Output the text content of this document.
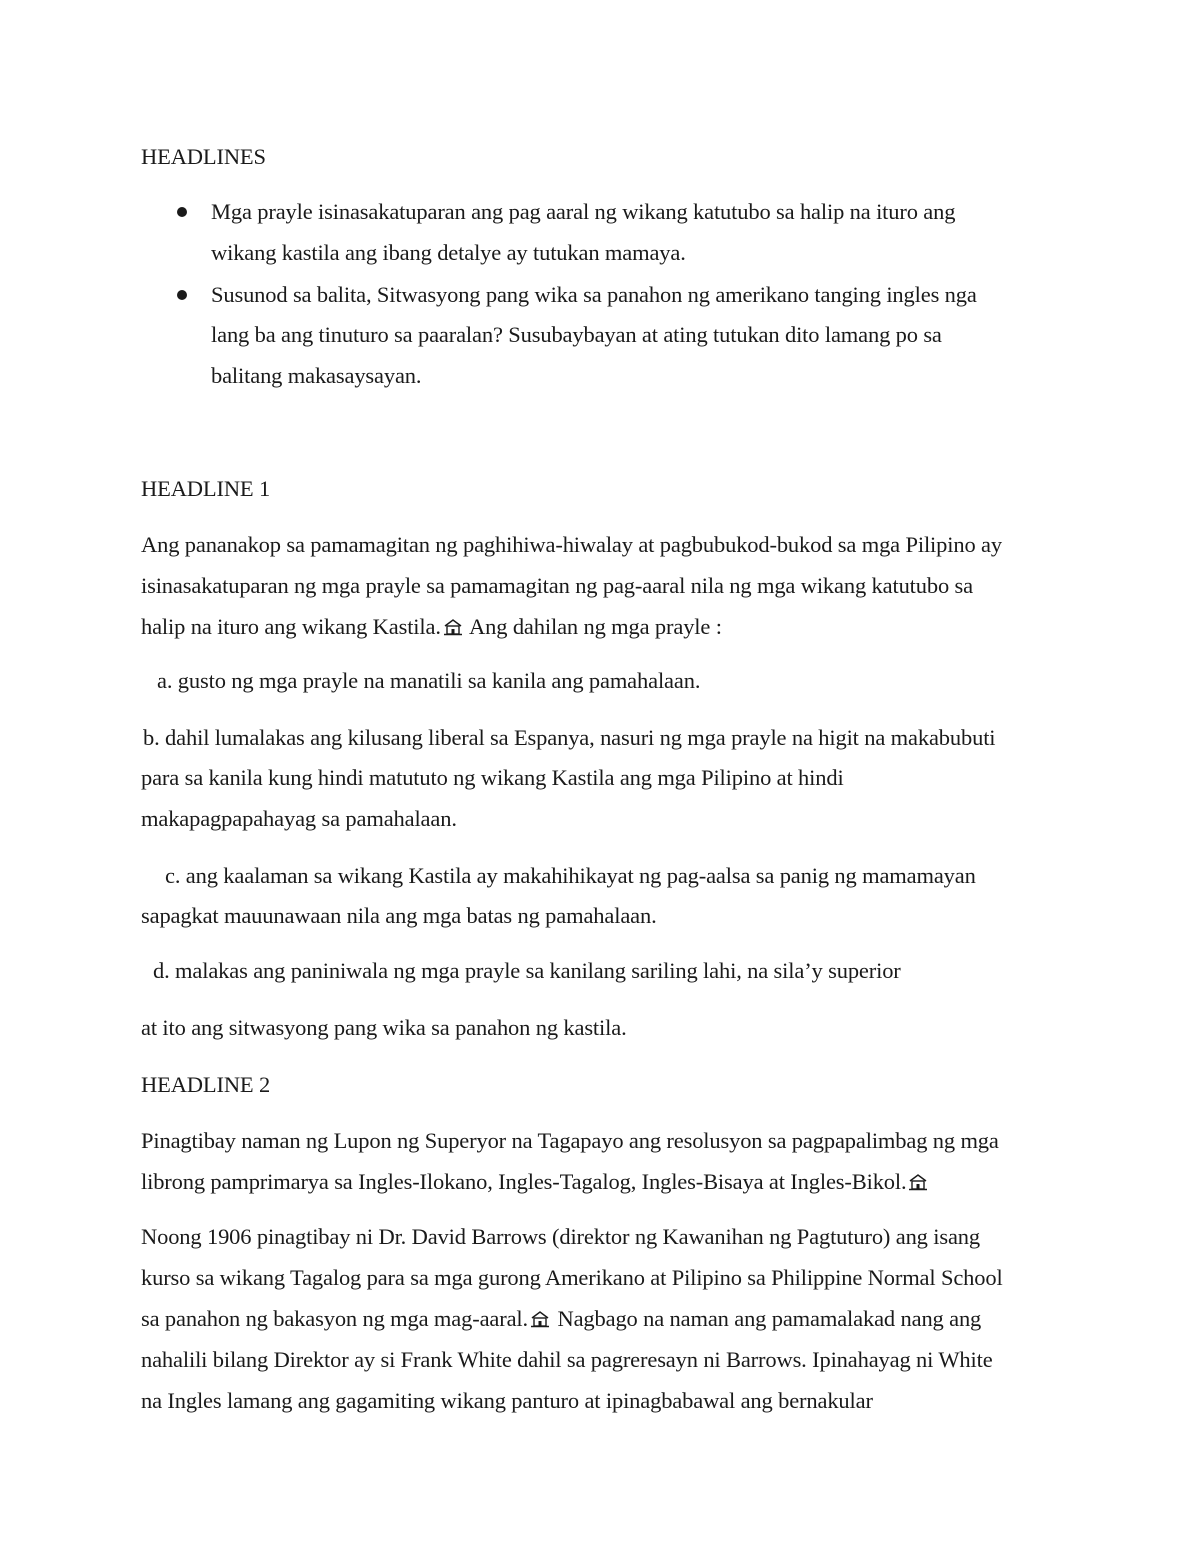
HEADLINES
Mga prayle isinasakatuparan ang pag aaral ng wikang katutubo sa halip na ituro ang
wikang kastila ang ibang detalye ay tutukan mamaya.
Susunod sa balita, Sitwasyong pang wika sa panahon ng amerikano tanging ingles nga
lang ba ang tinuturo sa paaralan? Susubaybayan at ating tutukan dito lamang po sa
balitang makasaysayan.
HEADLINE 1
Ang pananakop sa pamamagitan ng paghihiwa-hiwalay at pagbubukod-bukod sa mga Pilipino ay
isinasakatuparan ng mga prayle sa pamamagitan ng pag-aaral nila ng mga wikang katutubo sa
halip na ituro ang wikang Kastila. Ang dahilan ng mga prayle :
a. gusto ng mga prayle na manatili sa kanila ang pamahalaan.
b. dahil lumalakas ang kilusang liberal sa Espanya, nasuri ng mga prayle na higit na makabubuti
para sa kanila kung hindi matututo ng wikang Kastila ang mga Pilipino at hindi
makapagpapahayag sa pamahalaan.
c. ang kaalaman sa wikang Kastila ay makahihikayat ng pag-aalsa sa panig ng mamamayan
sapagkat mauunawaan nila ang mga batas ng pamahalaan.
d. malakas ang paniniwala ng mga prayle sa kanilang sariling lahi, na sila’y superior
at ito ang sitwasyong pang wika sa panahon ng kastila.
HEADLINE 2
Pinagtibay naman ng Lupon ng Superyor na Tagapayo ang resolusyon sa pagpapalimbag ng mga
librong pamprimarya sa Ingles-Ilokano, Ingles-Tagalog, Ingles-Bisaya at Ingles-Bikol.
Noong 1906 pinagtibay ni Dr. David Barrows (direktor ng Kawanihan ng Pagtuturo) ang isang
kurso sa wikang Tagalog para sa mga gurong Amerikano at Pilipino sa Philippine Normal School
sa panahon ng bakasyon ng mga mag-aaral. Nagbago na naman ang pamamalakad nang ang
nahalili bilang Direktor ay si Frank White dahil sa pagreresayn ni Barrows. Ipinahayag ni White
na Ingles lamang ang gagamiting wikang panturo at ipinagbabawal ang bernakular
